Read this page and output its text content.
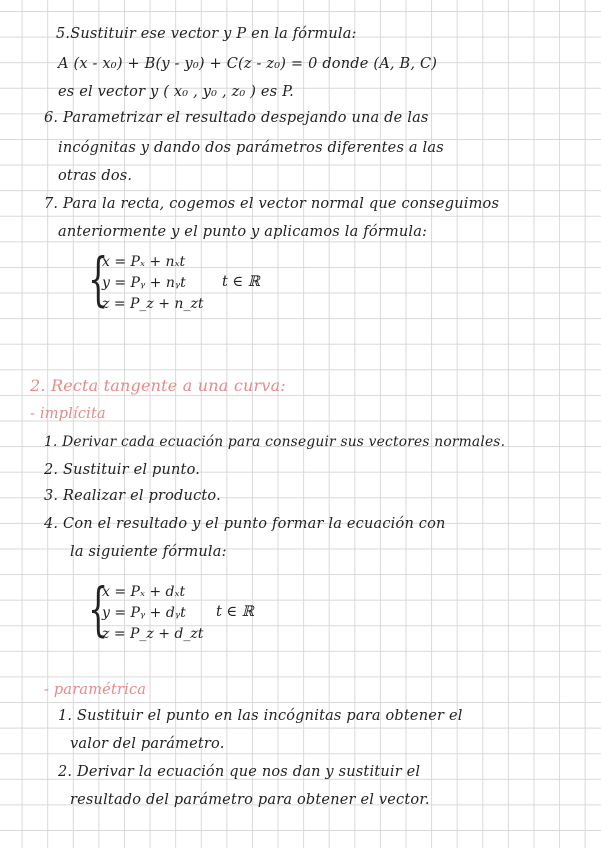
5.Sustituir ese vector y P en la fórmula:
A (x - x₀) + B(y - y₀) + C(z - z₀) = 0 donde (A, B, C)
es el vector y ( x₀ , y₀ , z₀ ) es P.
6. Parametrizar el resultado despejando una de las
incógnitas y dando dos parámetros diferentes a las
otras dos.
7. Para la recta, cogemos el vector normal que conseguimos
anteriormente y el punto y aplicamos la fórmula:
{
x = Pₓ + nₓt
y = Pᵧ + nᵧt
z = P_z + n_zt
t ∈ ℝ
2. Recta tangente a una curva:
- implícita
1. Derivar cada ecuación para conseguir sus vectores normales.
2. Sustituir el punto.
3. Realizar el producto.
4. Con el resultado y el punto formar la ecuación con
la siguiente fórmula:
{
x = Pₓ + dₓt
y = Pᵧ + dᵧt
z = P_z + d_zt
t ∈ ℝ
- paramétrica
1. Sustituir el punto en las incógnitas para obtener el
valor del parámetro.
2. Derivar la ecuación que nos dan y sustituir el
resultado del parámetro para obtener el vector.
